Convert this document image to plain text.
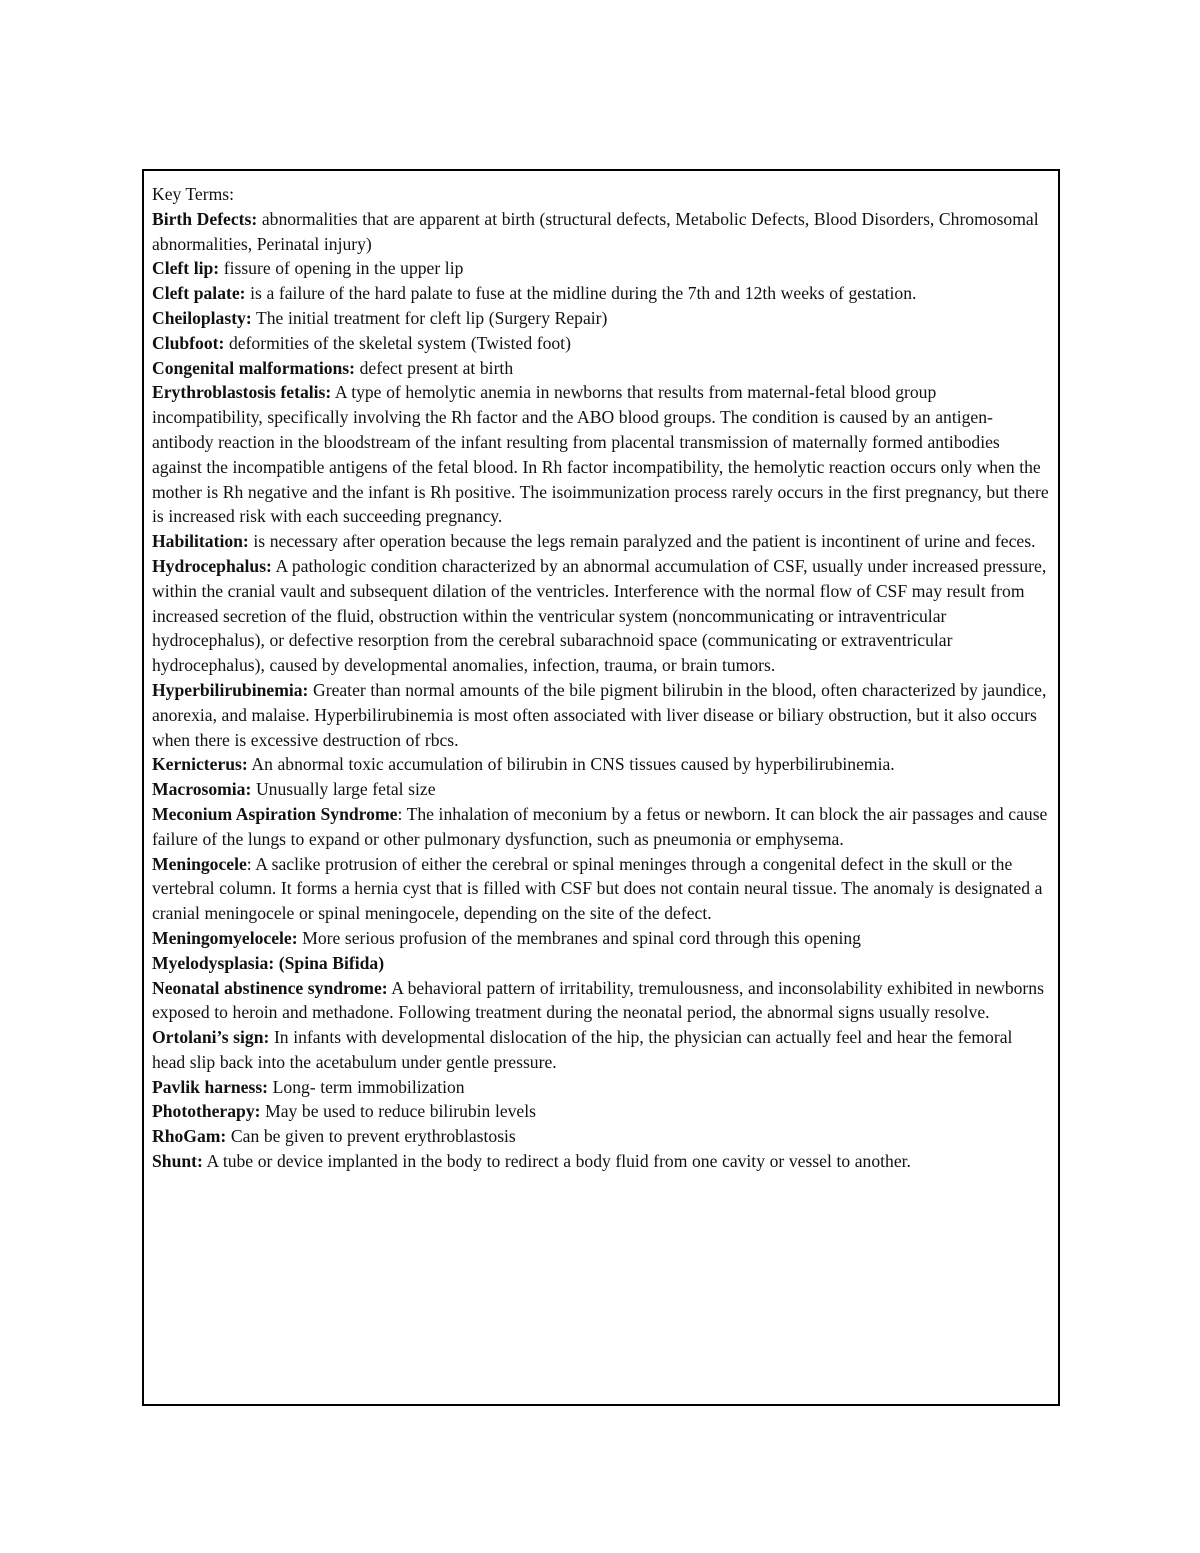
Key Terms:

Birth Defects: abnormalities that are apparent at birth (structural defects, Metabolic Defects, Blood Disorders, Chromosomal abnormalities, Perinatal injury)

Cleft lip: fissure of opening in the upper lip

Cleft palate: is a failure of the hard palate to fuse at the midline during the 7th and 12th weeks of gestation.

Cheiloplasty: The initial treatment for cleft lip (Surgery Repair)

Clubfoot: deformities of the skeletal system (Twisted foot)

Congenital malformations: defect present at birth

Erythroblastosis fetalis: A type of hemolytic anemia in newborns that results from maternal-fetal blood group incompatibility, specifically involving the Rh factor and the ABO blood groups. The condition is caused by an antigen-antibody reaction in the bloodstream of the infant resulting from placental transmission of maternally formed antibodies against the incompatible antigens of the fetal blood. In Rh factor incompatibility, the hemolytic reaction occurs only when the mother is Rh negative and the infant is Rh positive. The isoimmunization process rarely occurs in the first pregnancy, but there is increased risk with each succeeding pregnancy.

Habilitation: is necessary after operation because the legs remain paralyzed and the patient is incontinent of urine and feces.

Hydrocephalus: A pathologic condition characterized by an abnormal accumulation of CSF, usually under increased pressure, within the cranial vault and subsequent dilation of the ventricles. Interference with the normal flow of CSF may result from increased secretion of the fluid, obstruction within the ventricular system (noncommunicating or intraventricular hydrocephalus), or defective resorption from the cerebral subarachnoid space (communicating or extraventricular hydrocephalus), caused by developmental anomalies, infection, trauma, or brain tumors.

Hyperbilirubinemia: Greater than normal amounts of the bile pigment bilirubin in the blood, often characterized by jaundice, anorexia, and malaise. Hyperbilirubinemia is most often associated with liver disease or biliary obstruction, but it also occurs when there is excessive destruction of rbcs.

Kernicterus: An abnormal toxic accumulation of bilirubin in CNS tissues caused by hyperbilirubinemia.

Macrosomia: Unusually large fetal size

Meconium Aspiration Syndrome: The inhalation of meconium by a fetus or newborn. It can block the air passages and cause failure of the lungs to expand or other pulmonary dysfunction, such as pneumonia or emphysema.

Meningocele: A saclike protrusion of either the cerebral or spinal meninges through a congenital defect in the skull or the vertebral column. It forms a hernia cyst that is filled with CSF but does not contain neural tissue. The anomaly is designated a cranial meningocele or spinal meningocele, depending on the site of the defect.

Meningomyelocele: More serious profusion of the membranes and spinal cord through this opening

Myelodysplasia: (Spina Bifida)

Neonatal abstinence syndrome: A behavioral pattern of irritability, tremulousness, and inconsolability exhibited in newborns exposed to heroin and methadone. Following treatment during the neonatal period, the abnormal signs usually resolve.

Ortolani’s sign: In infants with developmental dislocation of the hip, the physician can actually feel and hear the femoral head slip back into the acetabulum under gentle pressure.

Pavlik harness: Long- term immobilization

Phototherapy: May be used to reduce bilirubin levels

RhoGam: Can be given to prevent erythroblastosis

Shunt: A tube or device implanted in the body to redirect a body fluid from one cavity or vessel to another.
